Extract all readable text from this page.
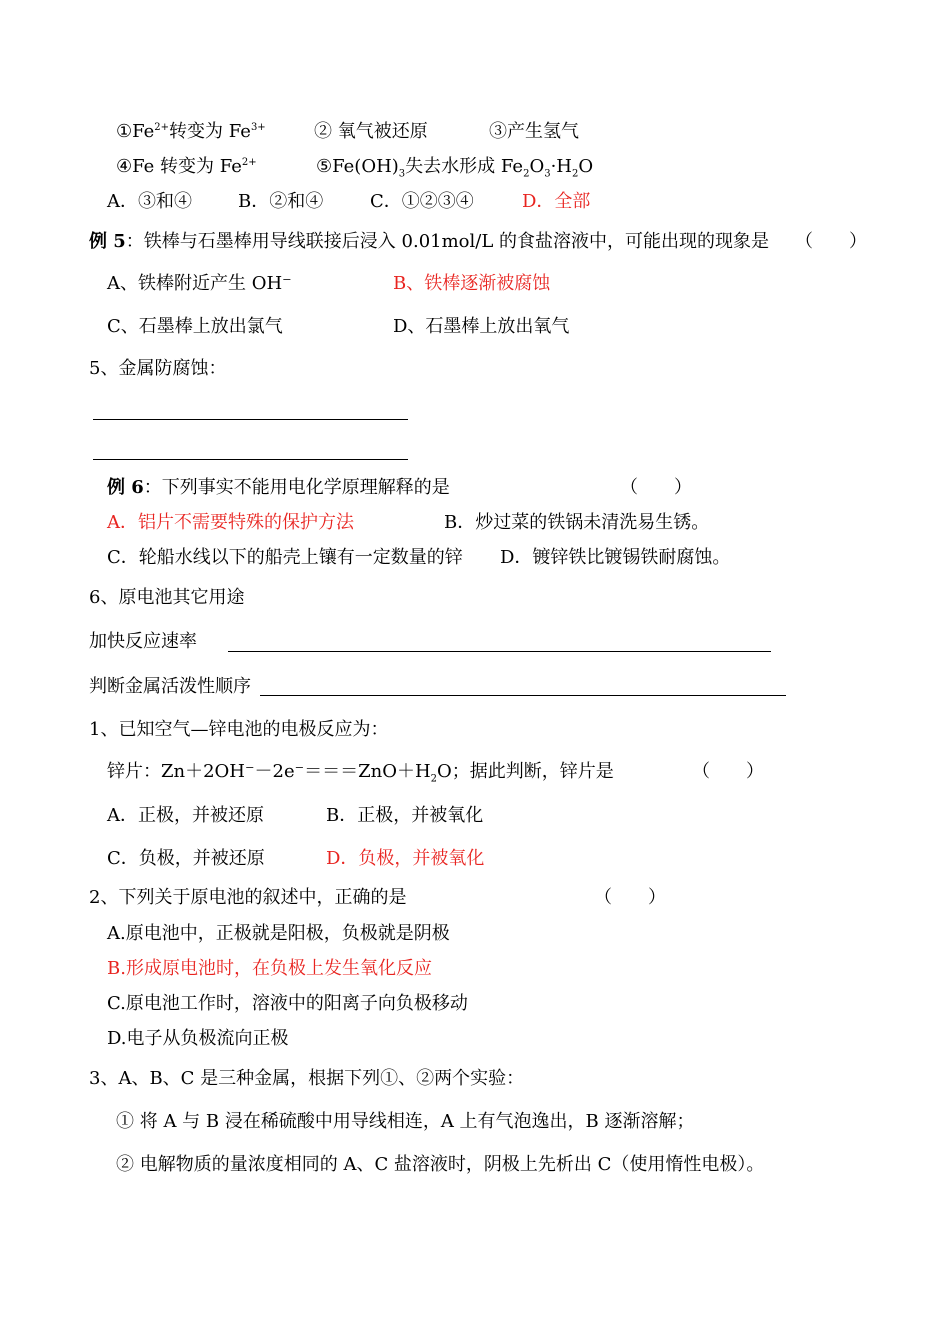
$①Fe^{2+}$转变为 $Fe^{3+}$	② 氧气被还原	③产生氢气
④Fe 转变为 $Fe^{2+}$	$⑤Fe(OH)_3$失去水形成 $Fe_2O_3\cdot H_2O$
A．③和④	B．②和④	C．①②③④	D．全部
例 5：铁棒与石墨棒用导线联接后浸入 0.01mol/L 的食盐溶液中，可能出现的现象是 （　　）
A、铁棒附近产生 OH⁻	B、铁棒逐渐被腐蚀
C、石墨棒上放出氯气	D、石墨棒上放出氧气
5、金属防腐蚀：
例 6：下列事实不能用电化学原理解释的是	（　　）
A．铝片不需要特殊的保护方法	B．炒过菜的铁锅未清洗易生锈。
C．轮船水线以下的船壳上镶有一定数量的锌 D．镀锌铁比镀锡铁耐腐蚀。
6、原电池其它用途
加快反应速率
判断金属活泼性顺序
1、已知空气—锌电池的电极反应为：
锌片：$Zn+2OH^--2e^-===ZnO+H_2O$；据此判断，锌片是	（　　）
A．正极，并被还原	B．正极，并被氧化
C．负极，并被还原	D．负极，并被氧化
2、下列关于原电池的叙述中，正确的是	（　　）
A.原电池中，正极就是阳极，负极就是阴极
B.形成原电池时，在负极上发生氧化反应
C.原电池工作时，溶液中的阳离子向负极移动
D.电子从负极流向正极
3、A、B、C 是三种金属，根据下列①、②两个实验：
① 将 A 与 B 浸在稀硫酸中用导线相连，A 上有气泡逸出，B 逐渐溶解；
② 电解物质的量浓度相同的 A、C 盐溶液时，阴极上先析出 C（使用惰性电极）。
